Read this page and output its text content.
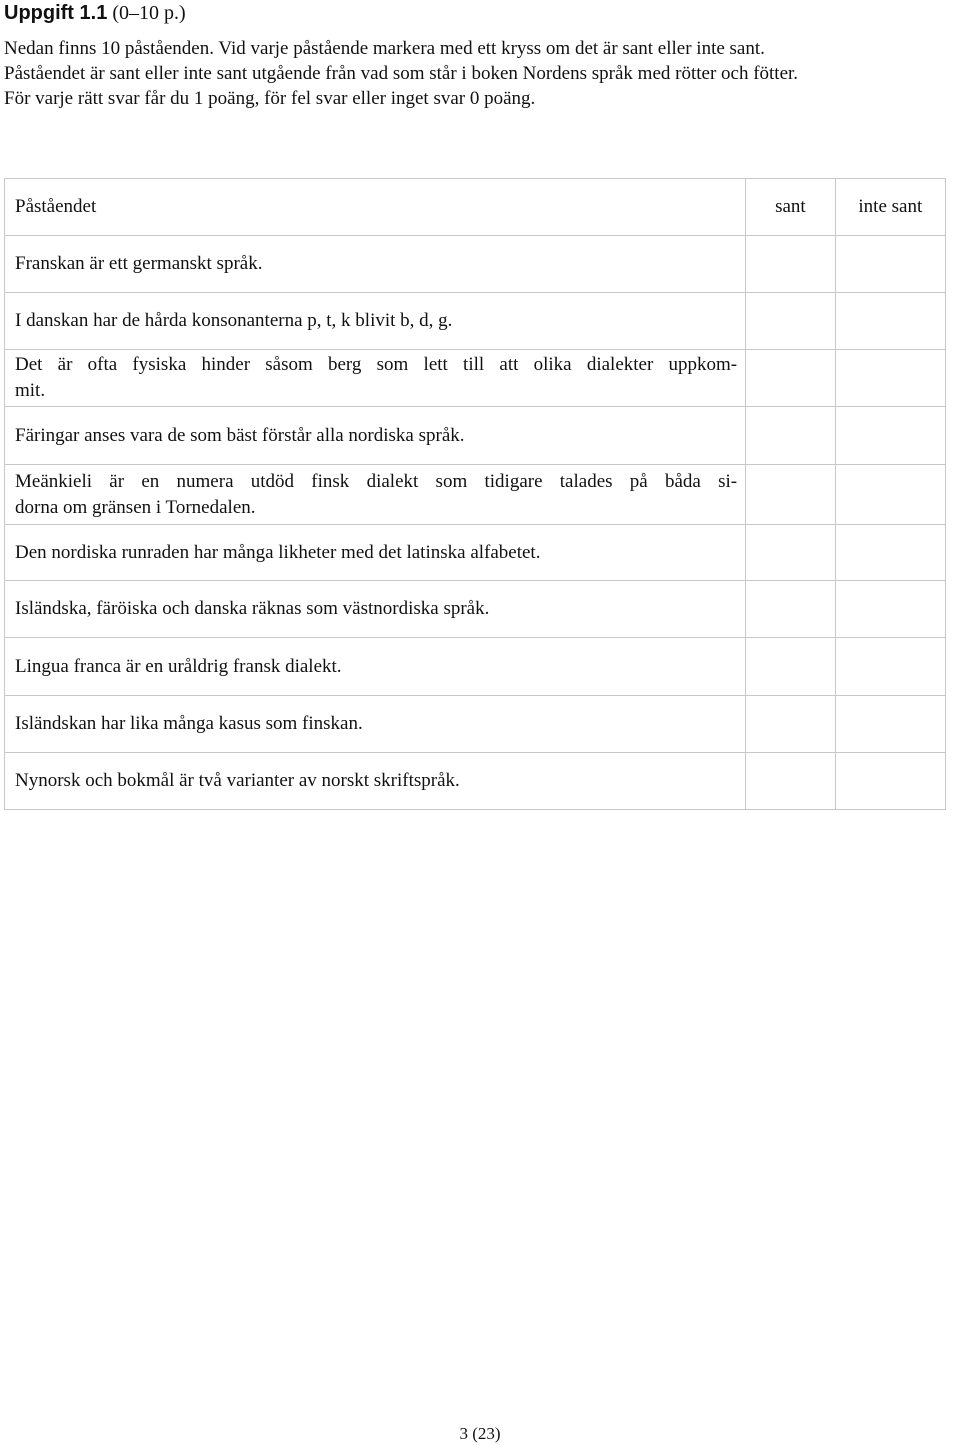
Uppgift 1.1 (0–10 p.)
Nedan finns 10 påståenden. Vid varje påstående markera med ett kryss om det är sant eller inte sant.
Påståendet är sant eller inte sant utgående från vad som står i boken Nordens språk med rötter och fötter.
För varje rätt svar får du 1 poäng, för fel svar eller inget svar 0 poäng.
Påståendet	sant	inte sant

Franskan är ett germanskt språk.		

I danskan har de hårda konsonanterna p, t, k blivit b, d, g.		

Det är ofta fysiska hinder såsom berg som lett till att olika dialekter uppkom-
mit.		

Färingar anses vara de som bäst förstår alla nordiska språk.		

Meänkieli är en numera utdöd finsk dialekt som tidigare talades på båda si-
dorna om gränsen i Tornedalen.		

Den nordiska runraden har många likheter med det latinska alfabetet.		

Isländska, färöiska och danska räknas som västnordiska språk.		

Lingua franca är en uråldrig fransk dialekt.		

Isländskan har lika många kasus som finskan.		

Nynorsk och bokmål är två varianter av norskt skriftspråk.		

3 (23)
